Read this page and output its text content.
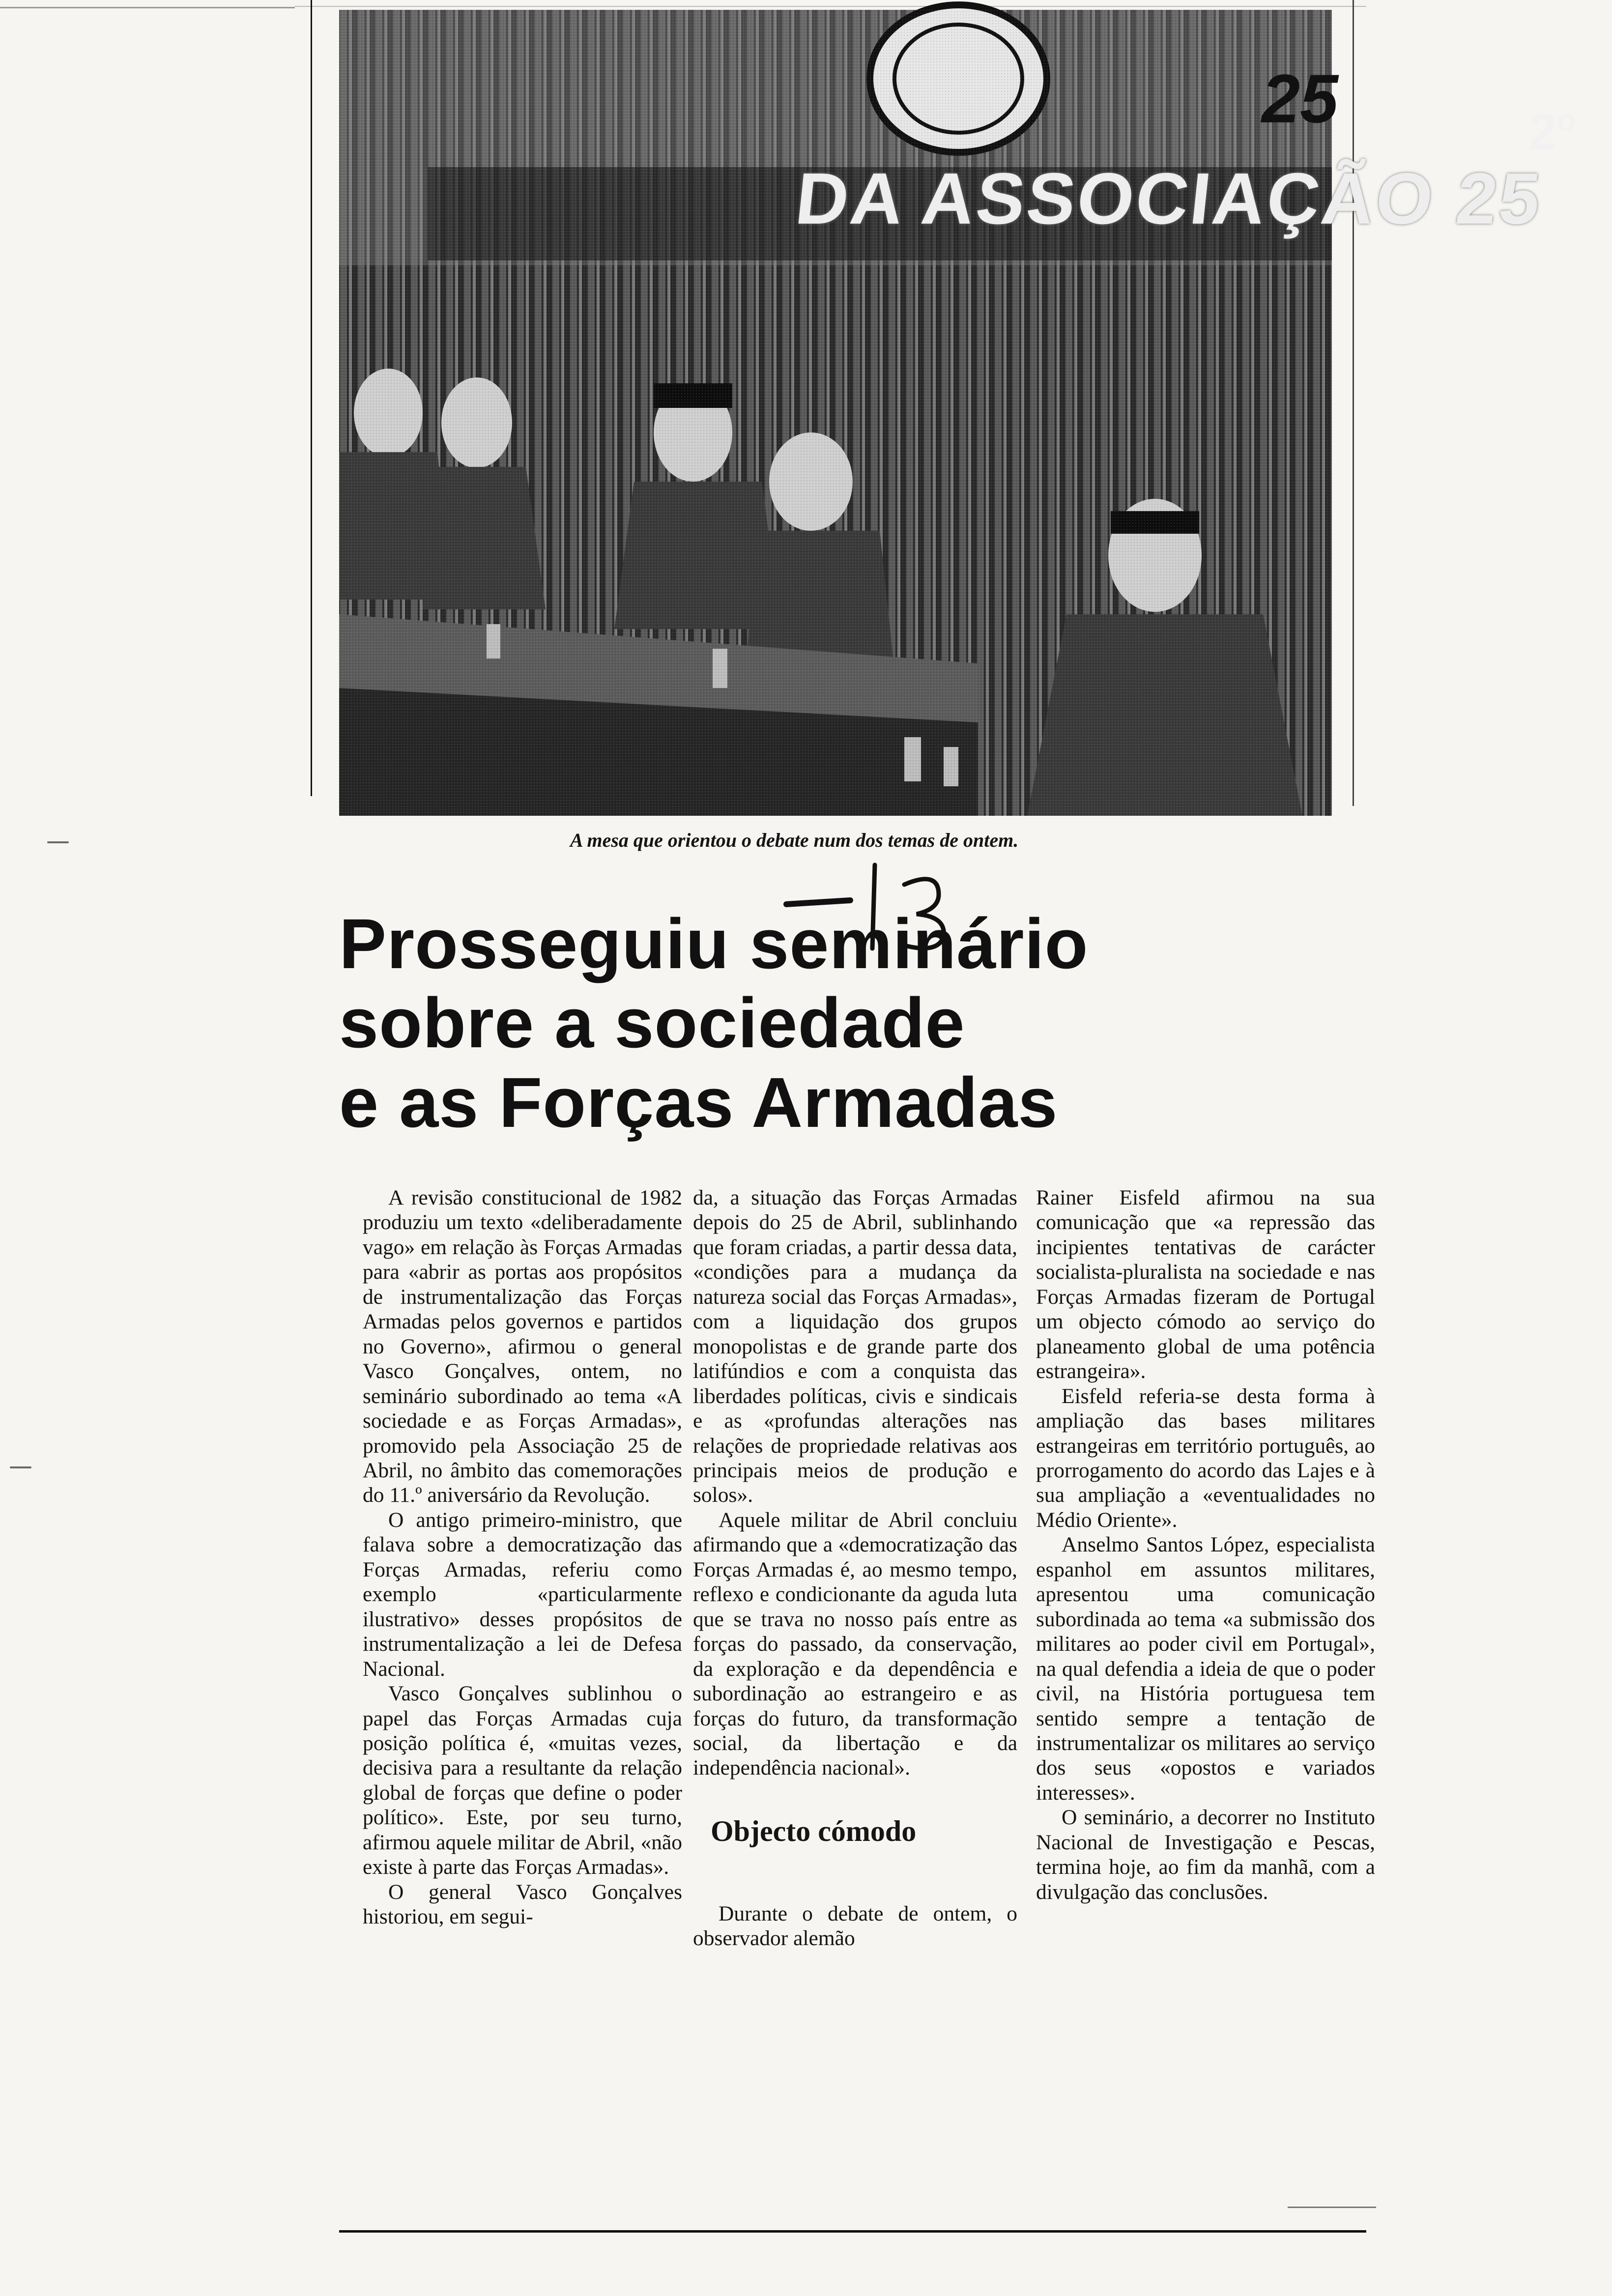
DA ASSOCIAÇÃO 25
2º
25
A mesa que orientou o debate num dos temas de ontem.
Prosseguiu seminário
sobre a sociedade
e as Forças Armadas

A revisão constitucional de 1982 produziu um texto «deliberadamente vago» em relação às Forças Armadas para «abrir as portas aos propósitos de instrumentalização das Forças Armadas pelos governos e partidos no Governo», afirmou o general Vasco Gonçalves, ontem, no seminário subordinado ao tema «A sociedade e as Forças Armadas», promovido pela Associação 25 de Abril, no âmbito das comemorações do 11.º aniversário da Revolução.

O antigo primeiro-ministro, que falava sobre a democratização das Forças Armadas, referiu como exemplo «particularmente ilustrativo» desses propósitos de instrumentalização a lei de Defesa Nacional.

Vasco Gonçalves sublinhou o papel das Forças Armadas cuja posição política é, «muitas vezes, decisiva para a resultante da relação global de forças que define o poder político». Este, por seu turno, afirmou aquele militar de Abril, «não existe à parte das Forças Armadas».

O general Vasco Gonçalves historiou, em segui-

da, a situação das Forças Armadas depois do 25 de Abril, sublinhando que foram criadas, a partir dessa data, «condições para a mudança da natureza social das Forças Armadas», com a liquidação dos grupos monopolistas e de grande parte dos latifúndios e com a conquista das liberdades políticas, civis e sindicais e as «profundas alterações nas relações de propriedade relativas aos principais meios de produção e solos».

Aquele militar de Abril concluiu afirmando que a «democratização das Forças Armadas é, ao mesmo tempo, reflexo e condicionante da aguda luta que se trava no nosso país entre as forças do passado, da conservação, da exploração e da dependência e subordinação ao estrangeiro e as forças do futuro, da transformação social, da libertação e da independência nacional».

Objecto cómodo

Durante o debate de ontem, o observador alemão

Rainer Eisfeld afirmou na sua comunicação que «a repressão das incipientes tentativas de carácter socialista-pluralista na sociedade e nas Forças Armadas fizeram de Portugal um objecto cómodo ao serviço do planeamento global de uma potência estrangeira».

Eisfeld referia-se desta forma à ampliação das bases militares estrangeiras em território português, ao prorrogamento do acordo das Lajes e à sua ampliação a «eventualidades no Médio Oriente».

Anselmo Santos López, especialista espanhol em assuntos militares, apresentou uma comunicação subordinada ao tema «a submissão dos militares ao poder civil em Portugal», na qual defendia a ideia de que o poder civil, na História portuguesa tem sentido sempre a tentação de instrumentalizar os militares ao serviço dos seus «opostos e variados interesses».

O seminário, a decorrer no Instituto Nacional de Investigação e Pescas, termina hoje, ao fim da manhã, com a divulgação das conclusões.
